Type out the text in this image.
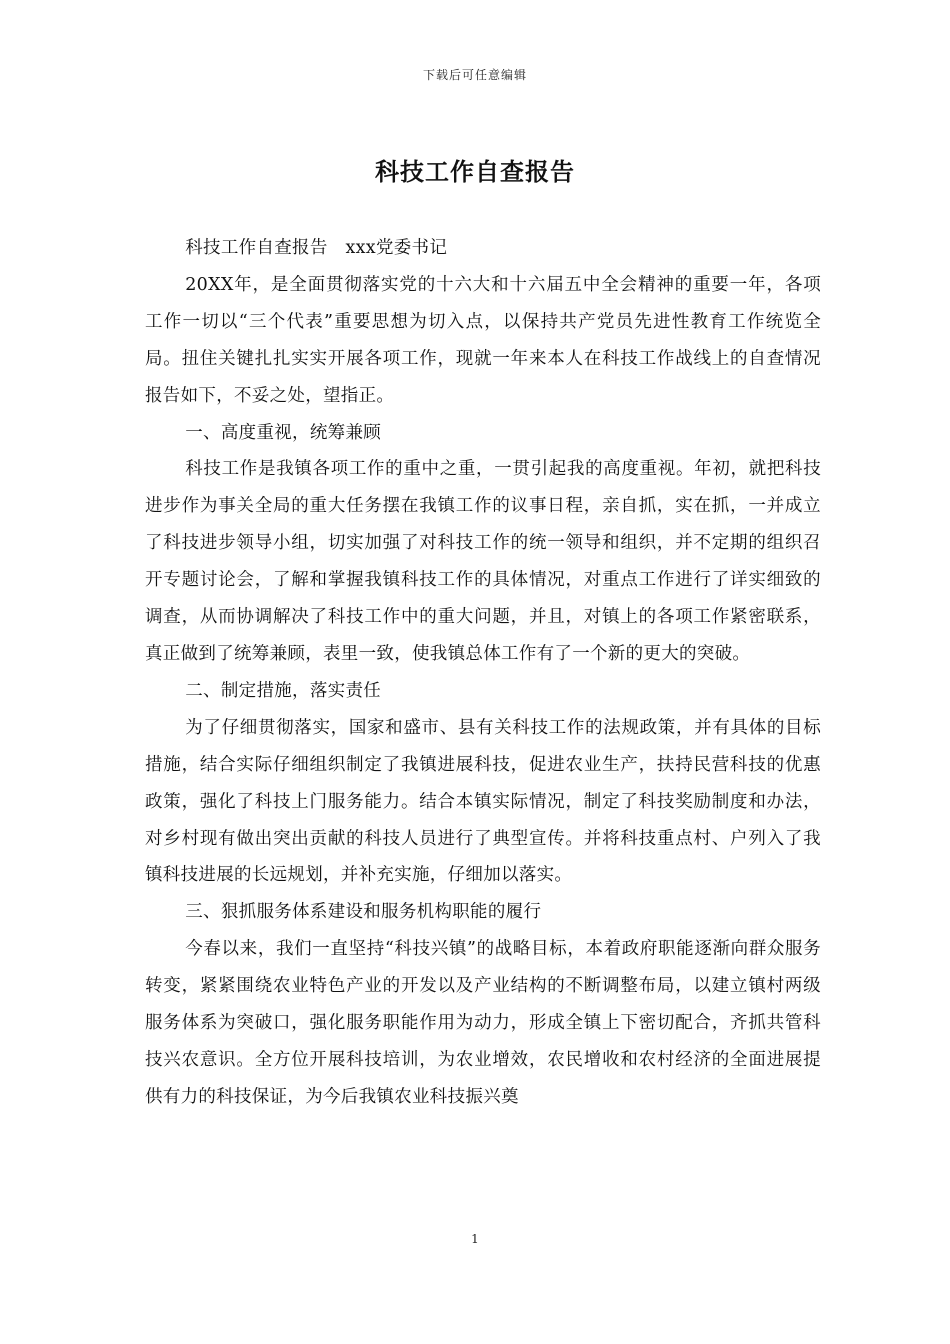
下载后可任意编辑
科技工作自查报告

科技工作自查报告　xxx党委书记

20XX年，是全面贯彻落实党的十六大和十六届五中全会精神的重要一年，各项工作一切以“三个代表”重要思想为切入点，以保持共产党员先进性教育工作统览全局。扭住关键扎扎实实开展各项工作，现就一年来本人在科技工作战线上的自查情况报告如下，不妥之处，望指正。

一、高度重视，统筹兼顾

科技工作是我镇各项工作的重中之重，一贯引起我的高度重视。年初，就把科技进步作为事关全局的重大任务摆在我镇工作的议事日程，亲自抓，实在抓，一并成立了科技进步领导小组，切实加强了对科技工作的统一领导和组织，并不定期的组织召开专题讨论会，了解和掌握我镇科技工作的具体情况，对重点工作进行了详实细致的调查，从而协调解决了科技工作中的重大问题，并且，对镇上的各项工作紧密联系，真正做到了统筹兼顾，表里一致，使我镇总体工作有了一个新的更大的突破。

二、制定措施，落实责任

为了仔细贯彻落实，国家和盛市、县有关科技工作的法规政策，并有具体的目标措施，结合实际仔细组织制定了我镇进展科技，促进农业生产，扶持民营科技的优惠政策，强化了科技上门服务能力。结合本镇实际情况，制定了科技奖励制度和办法，对乡村现有做出突出贡献的科技人员进行了典型宣传。并将科技重点村、户列入了我镇科技进展的长远规划，并补充实施，仔细加以落实。

三、狠抓服务体系建设和服务机构职能的履行

今春以来，我们一直坚持“科技兴镇”的战略目标，本着政府职能逐渐向群众服务转变，紧紧围绕农业特色产业的开发以及产业结构的不断调整布局，以建立镇村两级服务体系为突破口，强化服务职能作用为动力，形成全镇上下密切配合，齐抓共管科技兴农意识。全方位开展科技培训，为农业增效，农民增收和农村经济的全面进展提供有力的科技保证，为今后我镇农业科技振兴奠

1
